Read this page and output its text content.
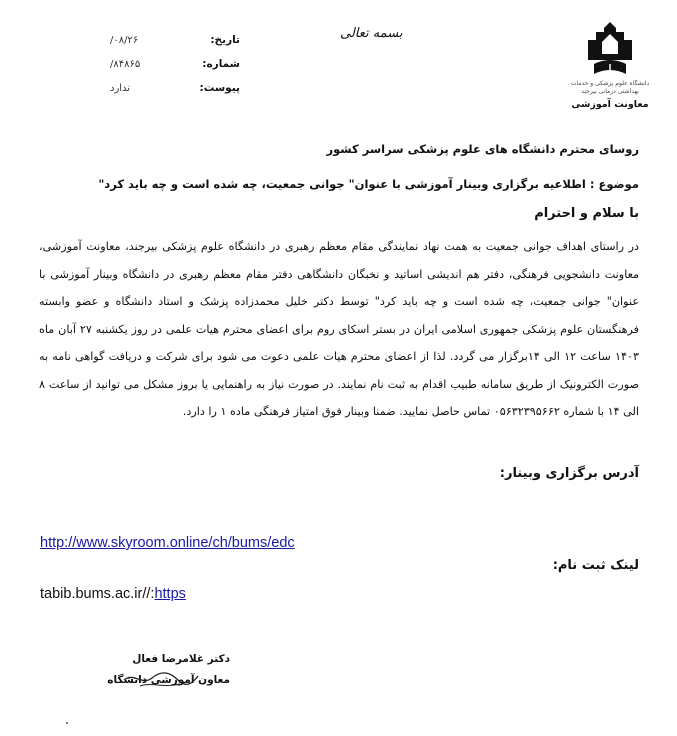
تاریخ:
۰۸/۲۶/
شماره:
۸۴۸۶۵/
پیوست:
ندارد
بسمه تعالی
دانشگاه علوم پزشکی و خدمات بهداشتی درمانی بیرجند
معاونت آموزشی
روسای محترم دانشگاه های علوم پزشکی سراسر کشور
موضوع : اطلاعیه برگزاری وبینار آموزشی با عنوان" جوانی جمعیت، چه شده است و چه باید کرد"
با سلام و احترام
در راستای اهداف جوانی جمعیت به همت نهاد نمایندگی مقام معظم رهبری در دانشگاه علوم پزشکی بیرجند، معاونت آموزشی، معاونت دانشجویی فرهنگی، دفتر هم اندیشی اساتید و نخبگان دانشگاهی دفتر مقام معظم رهبری در دانشگاه وبینار آموزشی با عنوان" جوانی جمعیت، چه شده است و چه باید کرد" توسط دکتر خلیل محمدزاده پزشک و استاد دانشگاه و عضو وابسته فرهنگستان علوم پزشکی جمهوری اسلامی ایران در بستر اسکای روم برای اعضای محترم هیات علمی در روز یکشنبه ۲۷ آبان ماه ۱۴۰۳ ساعت ۱۲ الی ۱۴برگزار می گردد. لذا از اعضای محترم هیات علمی دعوت می شود برای شرکت و دریافت گواهی نامه به صورت الکترونیک از طریق سامانه طبیب اقدام به ثبت نام نمایند. در صورت نیاز به راهنمایی یا بروز مشکل می توانید از ساعت ۸ الی ۱۴ با شماره ۰۵۶۳۲۳۹۵۶۶۲ تماس حاصل نمایید. ضمنا وبینار فوق امتیاز فرهنگی ماده ۱ را دارد.
آدرس برگزاری وبینار:
http://www.skyroom.online/ch/bums/edc
لینک ثبت نام:
tabib.bums.ac.ir//:https
دکتر غلامرضا فعال
معاون آموزشی دانشگاه
